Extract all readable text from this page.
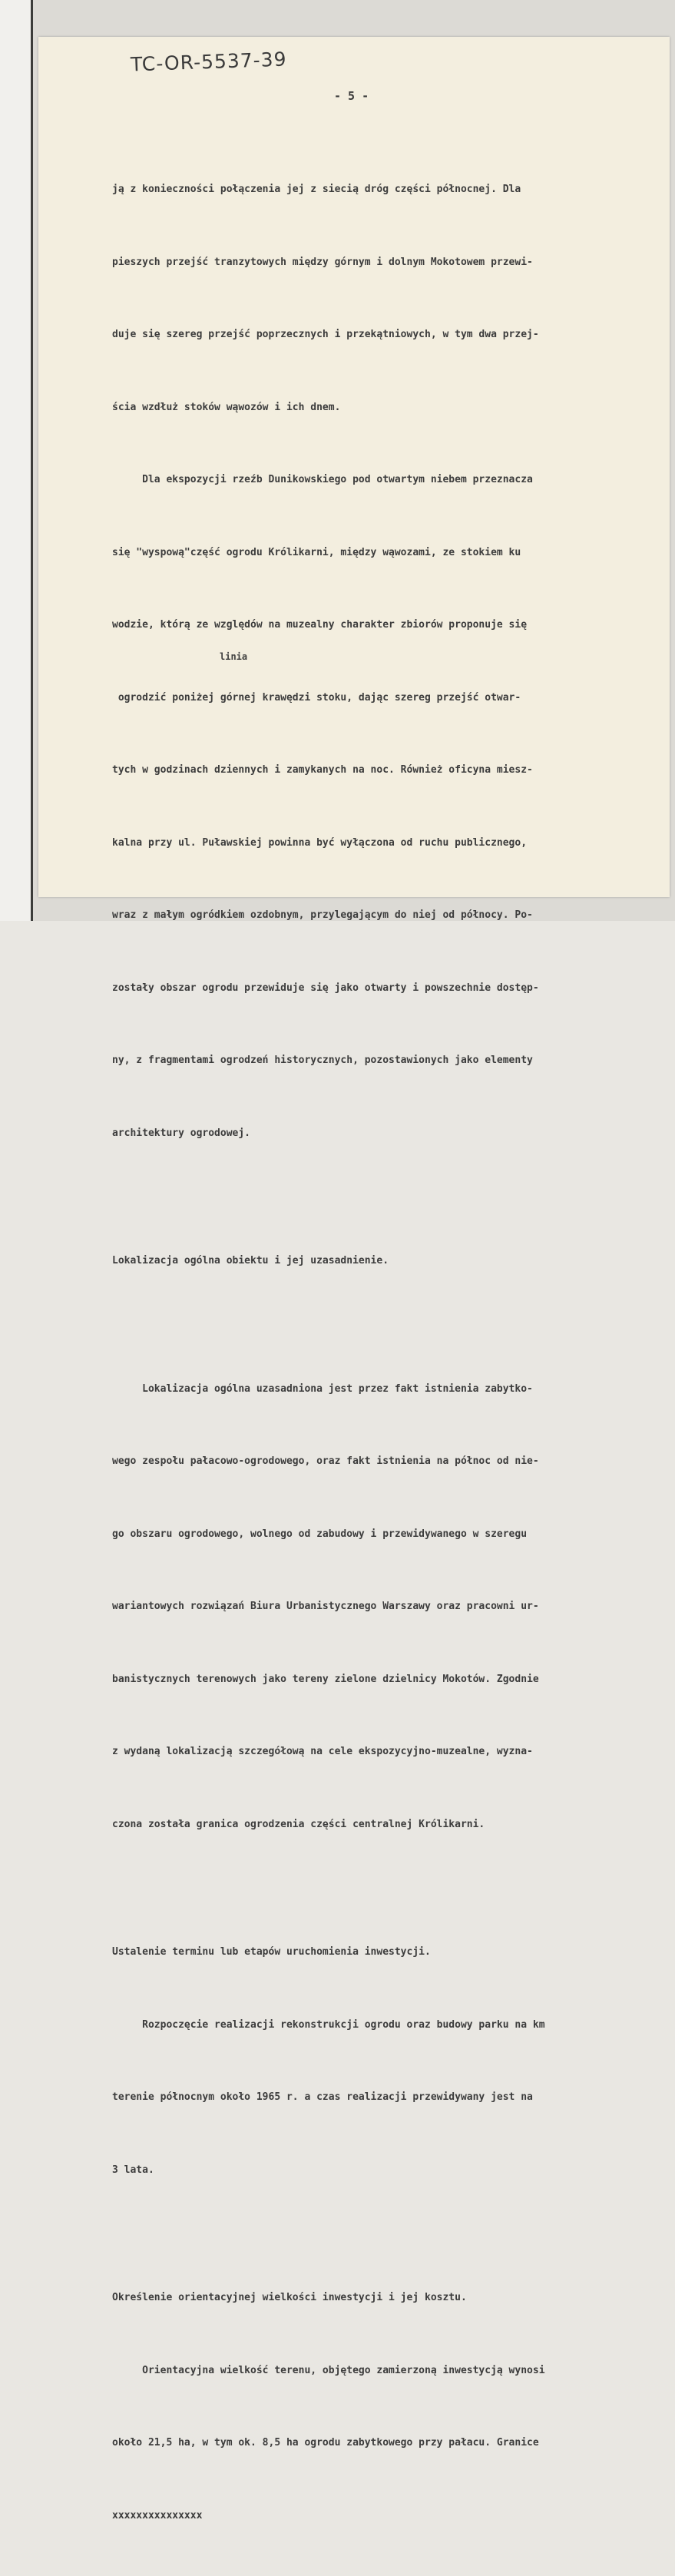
TC-OR-5537-39
- 5 -

ją z konieczności połączenia jej z siecią dróg części północnej. Dla

pieszych przejść tranzytowych między górnym i dolnym Mokotowem przewi-

duje się szereg przejść poprzecznych i przekątniowych, w tym dwa przej-

ścia wzdłuż stoków wąwozów i ich dnem.

Dla ekspozycji rzeźb Dunikowskiego pod otwartym niebem przeznacza

się "wyspową"część ogrodu Królikarni, między wąwozami, ze stokiem ku

wodzie, którą ze względów na muzealny charakter zbiorów proponuje się

ogrodzić poniżej górnej krawędzi stoku, dając szereg przejść otwar-

tych w godzinach dziennych i zamykanych na noc. Również oficyna miesz-

kalna przy ul. Puławskiej powinna być wyłączona od ruchu publicznego,

wraz z małym ogródkiem ozdobnym, przylegającym do niej od północy. Po-

zostały obszar ogrodu przewiduje się jako otwarty i powszechnie dostęp-

ny, z fragmentami ogrodzeń historycznych, pozostawionych jako elementy

architektury ogrodowej.

Lokalizacja ogólna obiektu i jej uzasadnienie.

Lokalizacja ogólna uzasadniona jest przez fakt istnienia zabytko-

wego zespołu pałacowo-ogrodowego, oraz fakt istnienia na północ od nie-

go obszaru ogrodowego, wolnego od zabudowy i przewidywanego w szeregu

wariantowych rozwiązań Biura Urbanistycznego Warszawy oraz pracowni ur-

banistycznych terenowych jako tereny zielone dzielnicy Mokotów. Zgodnie

z wydaną lokalizacją szczegółową na cele ekspozycyjno-muzealne, wyzna-

czona została granica ogrodzenia części centralnej Królikarni.

Ustalenie terminu lub etapów uruchomienia inwestycji.

Rozpoczęcie realizacji rekonstrukcji ogrodu oraz budowy parku na km

terenie północnym około 1965 r. a czas realizacji przewidywany jest na

3 lata.

Określenie orientacyjnej wielkości inwestycji i jej kosztu.

Orientacyjna wielkość terenu, objętego zamierzoną inwestycją wynosi

około 21,5 ha, w tym ok. 8,5 ha ogrodu zabytkowego przy pałacu. Granice

xxxxxxxxxxxxxxx

linia
